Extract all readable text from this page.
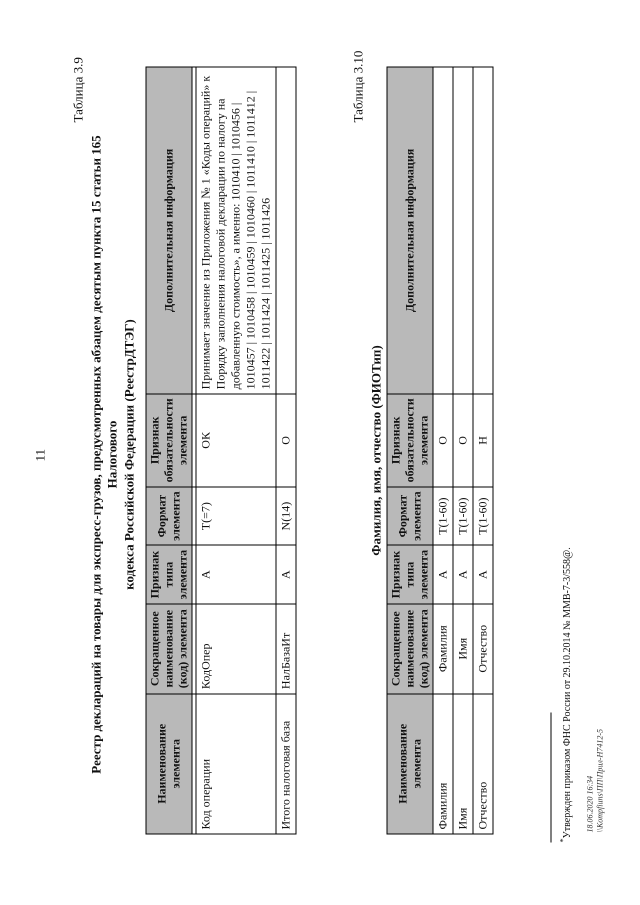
11
Таблица 3.9
Реестр деклараций на товары для экспресс-грузов, предусмотренных абзацем десятым пункта 15 статьи 165 Налогового кодекса Российской Федерации (РеестрДТЭГ)
Наименование элемента	Сокращенное наименование (код) элемента	Признак типа элемента	Формат элемента	Признак обязательности элемента	Дополнительная информация

Код операции	КодОпер	А	T(=7)	ОК	Принимает значение из Приложения № 1 «Коды операций» к Порядку заполнения налоговой декларации по налогу на добавленную стоимость», а именно: 1010410 | 1010456 | 1010457 | 1010458 | 1010459 | 1010460 | 1011410 | 1011412 | 1011422 | 1011424 | 1011425 | 1011426
Итого налоговая база	НалБазаИт	А	N(14)	О	
Таблица 3.10
Фамилия, имя, отчество (ФИОТип)
Наименование элемента	Сокращенное наименование (код) элемента	Признак типа элемента	Формат элемента	Признак обязательности элемента	Дополнительная информация
Фамилия	Фамилия	А	T(1-60)	О	
Имя	Имя	А	T(1-60)	О	
Отчество	Отчество	А	T(1-60)	Н	
*Утвержден приказом ФНС России от 29.10.2014 № ММВ-7-3/558@. 18.06.2020 16:34 \\Kompfiuns\ПП\Прил-Н7412-5
